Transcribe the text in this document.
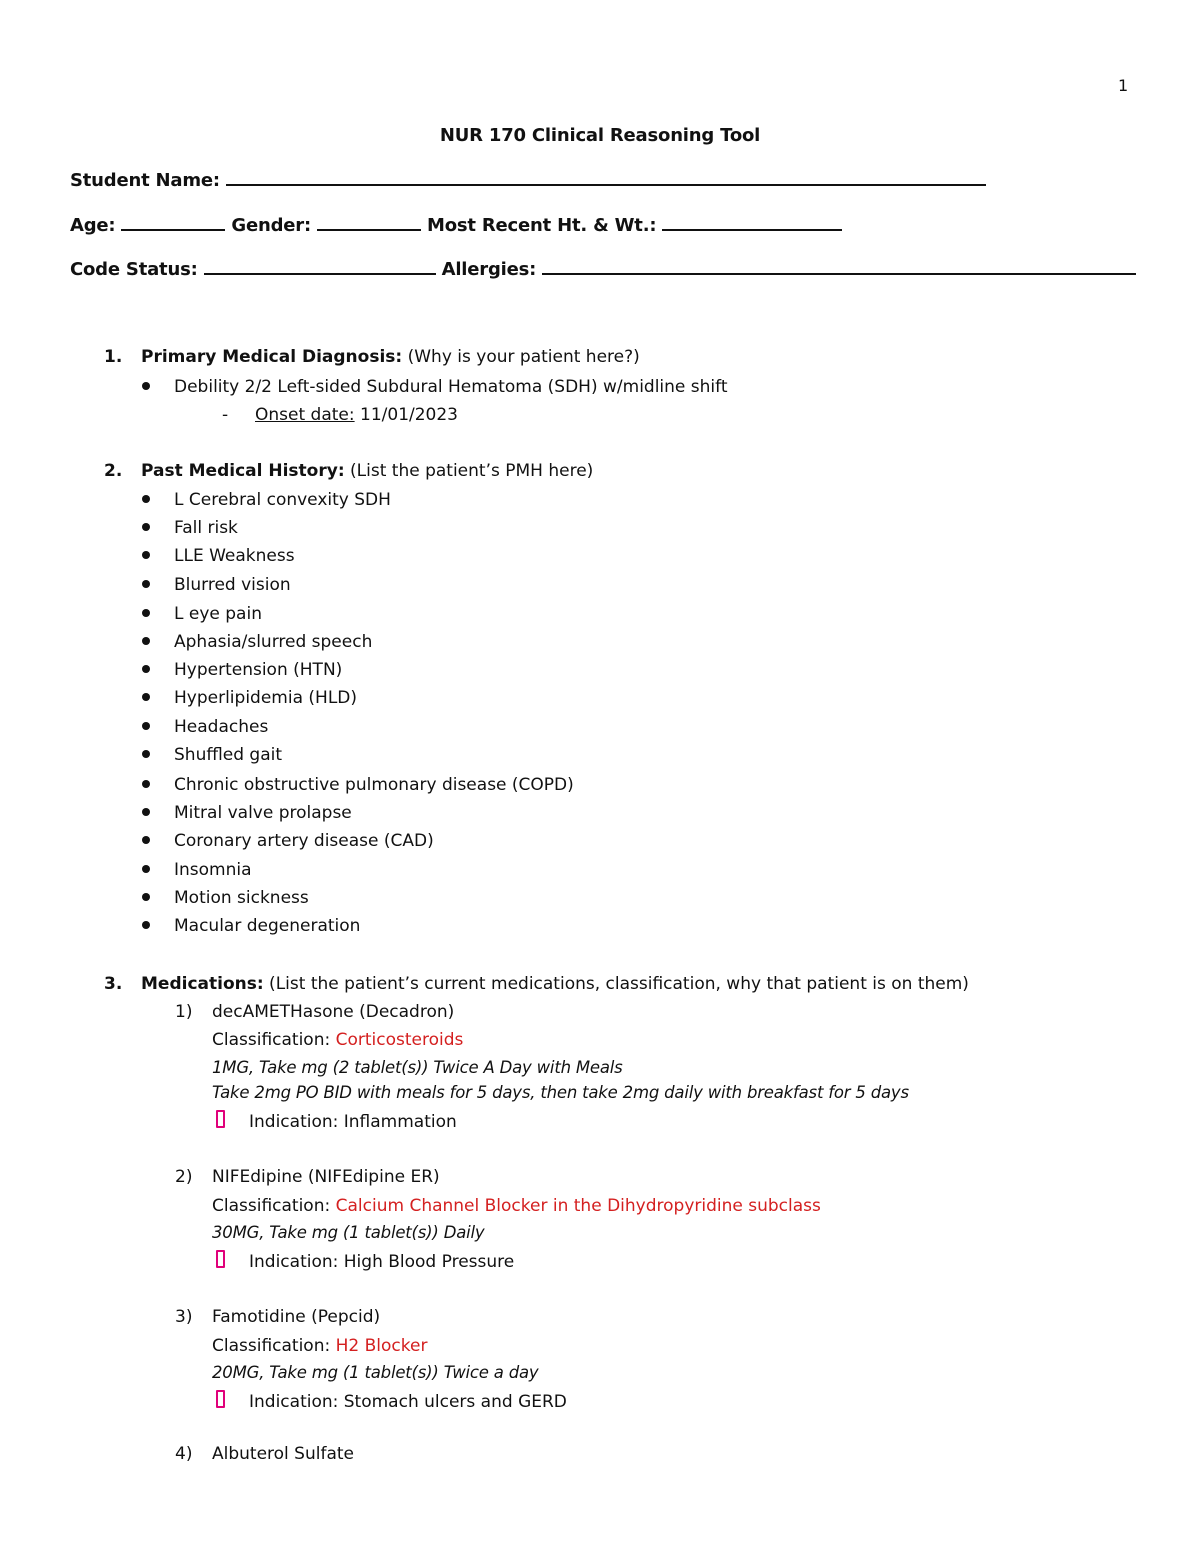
1
NUR 170 Clinical Reasoning Tool
Student Name:
Age:	Gender:	Most Recent Ht. & Wt.:
Code Status:	Allergies:
1. Primary Medical Diagnosis: (Why is your patient here?)
Debility 2/2 Left-sided Subdural Hematoma (SDH) w/midline shift
- Onset date: 11/01/2023
2. Past Medical History: (List the patient’s PMH here)
L Cerebral convexity SDH
Fall risk
LLE Weakness
Blurred vision
L eye pain
Aphasia/slurred speech
Hypertension (HTN)
Hyperlipidemia (HLD)
Headaches
Shuffled gait
Chronic obstructive pulmonary disease (COPD)
Mitral valve prolapse
Coronary artery disease (CAD)
Insomnia
Motion sickness
Macular degeneration
3. Medications: (List the patient’s current medications, classification, why that patient is on them)
1) decAMETHasone (Decadron)
Classification: Corticosteroids
1MG, Take mg (2 tablet(s)) Twice A Day with Meals
Take 2mg PO BID with meals for 5 days, then take 2mg daily with breakfast for 5 days
Indication: Inflammation
2) NIFEdipine (NIFEdipine ER)
Classification: Calcium Channel Blocker in the Dihydropyridine subclass
30MG, Take mg (1 tablet(s)) Daily
Indication: High Blood Pressure
3) Famotidine (Pepcid)
Classification: H2 Blocker
20MG, Take mg (1 tablet(s)) Twice a day
Indication: Stomach ulcers and GERD
4) Albuterol Sulfate
